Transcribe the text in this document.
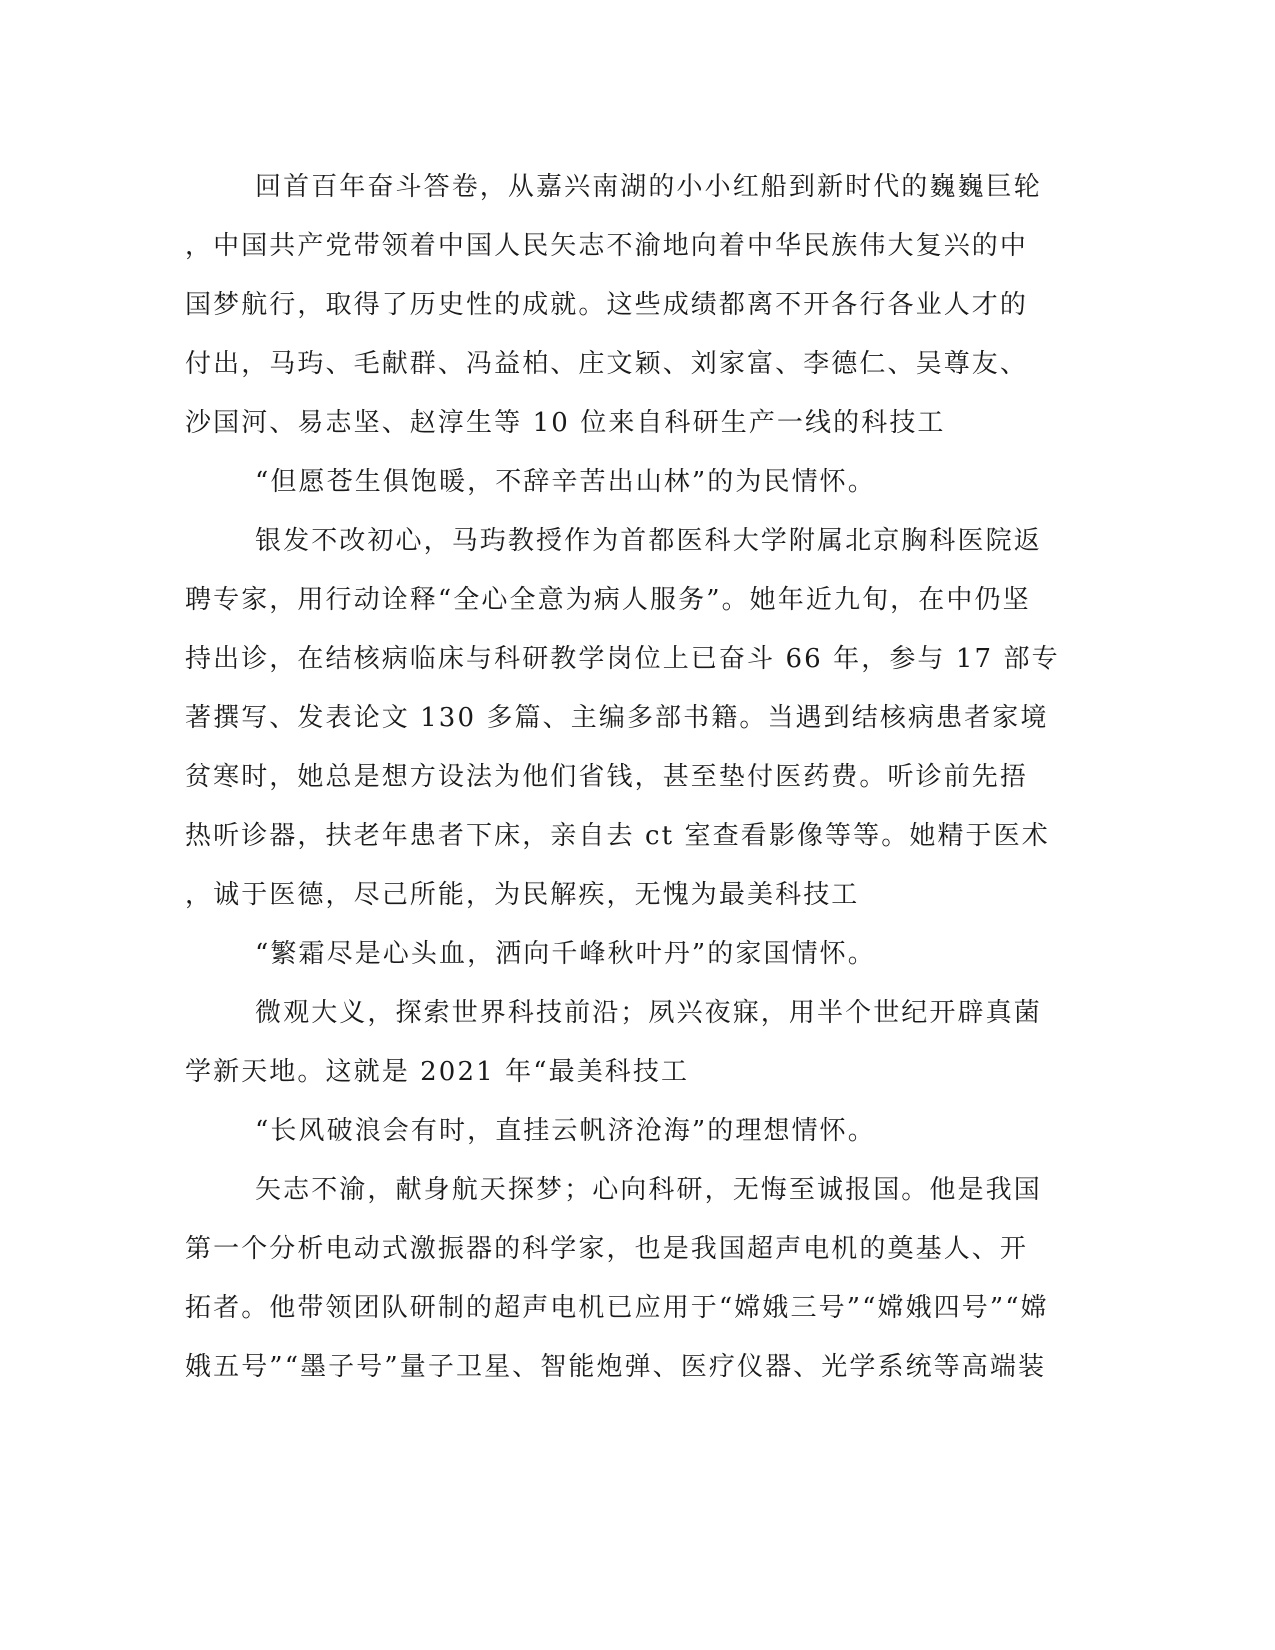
回首百年奋斗答卷，从嘉兴南湖的小小红船到新时代的巍巍巨轮
，中国共产党带领着中国人民矢志不渝地向着中华民族伟大复兴的中
国梦航行，取得了历史性的成就。这些成绩都离不开各行各业人才的
付出，马玙、毛献群、冯益柏、庄文颖、刘家富、李德仁、吴尊友、
沙国河、易志坚、赵淳生等 10 位来自科研生产一线的科技工
“但愿苍生俱饱暖，不辞辛苦出山林”的为民情怀。
银发不改初心，马玙教授作为首都医科大学附属北京胸科医院返
聘专家，用行动诠释“全心全意为病人服务”。她年近九旬，在中仍坚
持出诊，在结核病临床与科研教学岗位上已奋斗 66 年，参与 17 部专
著撰写、发表论文 130 多篇、主编多部书籍。当遇到结核病患者家境
贫寒时，她总是想方设法为他们省钱，甚至垫付医药费。听诊前先捂
热听诊器，扶老年患者下床，亲自去 ct 室查看影像等等。她精于医术
，诚于医德，尽己所能，为民解疾，无愧为最美科技工
“繁霜尽是心头血，洒向千峰秋叶丹”的家国情怀。
微观大义，探索世界科技前沿；夙兴夜寐，用半个世纪开辟真菌
学新天地。这就是 2021 年“最美科技工
“长风破浪会有时，直挂云帆济沧海”的理想情怀。
矢志不渝，献身航天探梦；心向科研，无悔至诚报国。他是我国
第一个分析电动式激振器的科学家，也是我国超声电机的奠基人、开
拓者。他带领团队研制的超声电机已应用于“嫦娥三号”“嫦娥四号”“嫦
娥五号”“墨子号”量子卫星、智能炮弹、医疗仪器、光学系统等高端装
